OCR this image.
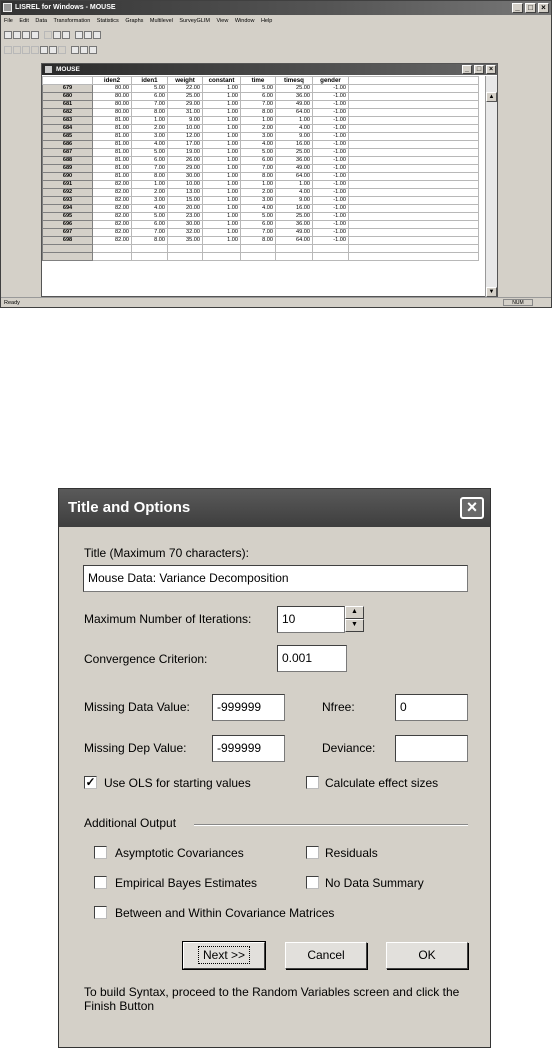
LISREL for Windows - MOUSE	_	□	×
File Edit Data Transformation Statistics Graphs Multilevel SurveyGLIM View Window Help
MOUSE	_	□	×
	iden2	iden1	weight	constant	time	timesq	gender	
679	80.00	5.00	22.00	1.00	5.00	25.00	-1.00	
680	80.00	6.00	25.00	1.00	6.00	36.00	-1.00	
681	80.00	7.00	29.00	1.00	7.00	49.00	-1.00	
682	80.00	8.00	31.00	1.00	8.00	64.00	-1.00	
683	81.00	1.00	9.00	1.00	1.00	1.00	-1.00	
684	81.00	2.00	10.00	1.00	2.00	4.00	-1.00	
685	81.00	3.00	12.00	1.00	3.00	9.00	-1.00	
686	81.00	4.00	17.00	1.00	4.00	16.00	-1.00	
687	81.00	5.00	19.00	1.00	5.00	25.00	-1.00	
688	81.00	6.00	26.00	1.00	6.00	36.00	-1.00	
689	81.00	7.00	29.00	1.00	7.00	49.00	-1.00	
690	81.00	8.00	30.00	1.00	8.00	64.00	-1.00	
691	82.00	1.00	10.00	1.00	1.00	1.00	-1.00	
692	82.00	2.00	13.00	1.00	2.00	4.00	-1.00	
693	82.00	3.00	15.00	1.00	3.00	9.00	-1.00	
694	82.00	4.00	20.00	1.00	4.00	16.00	-1.00	
695	82.00	5.00	23.00	1.00	5.00	25.00	-1.00	
696	82.00	6.00	30.00	1.00	6.00	36.00	-1.00	
697	82.00	7.00	32.00	1.00	7.00	49.00	-1.00	
698	82.00	8.00	35.00	1.00	8.00	64.00	-1.00	

▲
▼
Ready	NUM
Title and Options	×
Title (Maximum 70 characters):
Mouse Data: Variance Decomposition
Maximum Number of Iterations:	10
▲
▼
Convergence Criterion:	0.001
Missing Data Value:	-999999	Nfree:	0
Missing Dep Value:	-999999	Deviance:
✓ Use OLS for starting values	Calculate effect sizes
Additional Output
Asymptotic Covariances	Residuals
Empirical Bayes Estimates	No Data Summary
Between and Within Covariance Matrices
Next >>	Cancel	OK
To build Syntax, proceed to the Random Variables screen and click the Finish Button
